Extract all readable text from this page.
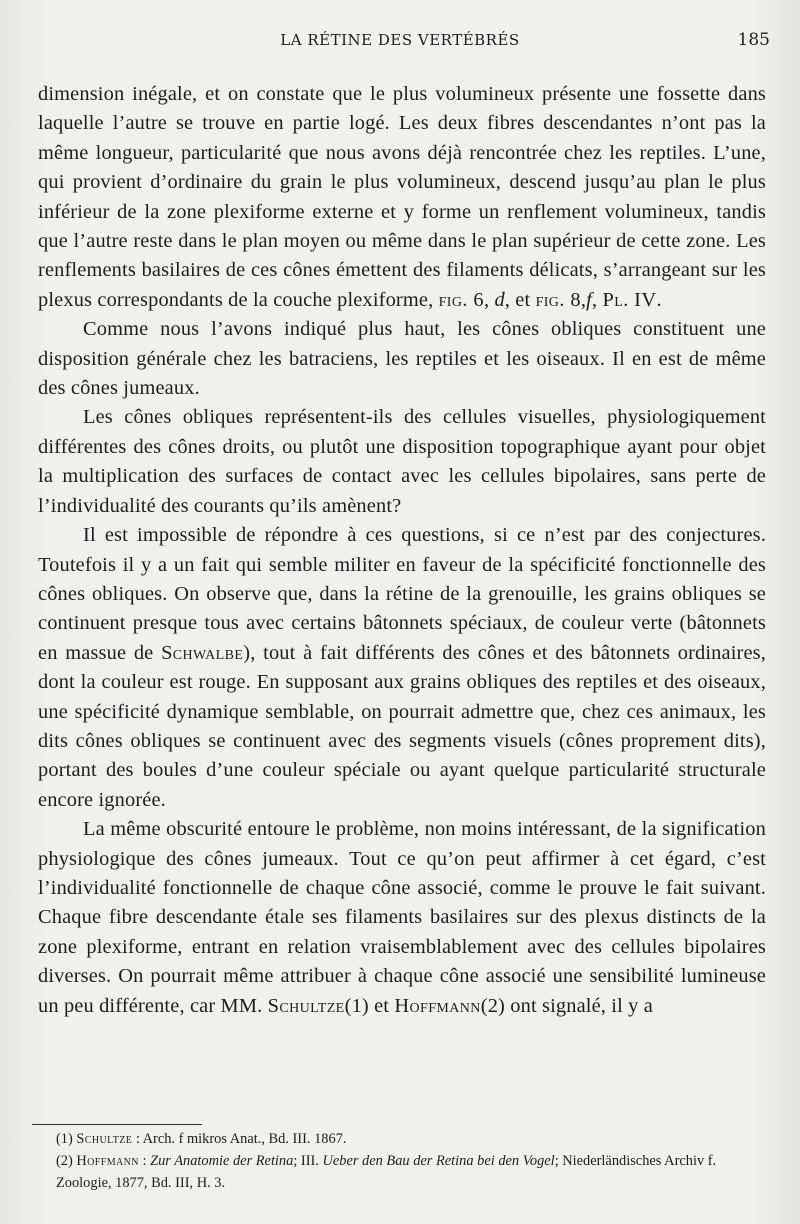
LA RÉTINE DES VERTÉBRÉS	185

dimension inégale, et on constate que le plus volumineux présente une fossette dans laquelle l’autre se trouve en partie logé. Les deux fibres descendantes n’ont pas la même longueur, particularité que nous avons déjà rencontrée chez les reptiles. L’une, qui provient d’ordinaire du grain le plus volumineux, descend jusqu’au plan le plus inférieur de la zone plexiforme externe et y forme un renflement volumineux, tandis que l’autre reste dans le plan moyen ou même dans le plan supérieur de cette zone. Les renflements basilaires de ces cônes émettent des filaments délicats, s’arrangeant sur les plexus correspondants de la couche plexiforme, fig. 6, d, et fig. 8,f, Pl. IV.

Comme nous l’avons indiqué plus haut, les cônes obliques constituent une disposition générale chez les batraciens, les reptiles et les oiseaux. Il en est de même des cônes jumeaux.

Les cônes obliques représentent-ils des cellules visuelles, physiologiquement différentes des cônes droits, ou plutôt une disposition topographique ayant pour objet la multiplication des surfaces de contact avec les cellules bipolaires, sans perte de l’individualité des courants qu’ils amènent?

Il est impossible de répondre à ces questions, si ce n’est par des conjectures. Toutefois il y a un fait qui semble militer en faveur de la spécificité fonctionnelle des cônes obliques. On observe que, dans la rétine de la grenouille, les grains obliques se continuent presque tous avec certains bâtonnets spéciaux, de couleur verte (bâtonnets en massue de Schwalbe), tout à fait différents des cônes et des bâtonnets ordinaires, dont la couleur est rouge. En supposant aux grains obliques des reptiles et des oiseaux, une spécificité dynamique semblable, on pourrait admettre que, chez ces animaux, les dits cônes obliques se continuent avec des segments visuels (cônes proprement dits), portant des boules d’une couleur spéciale ou ayant quelque particularité structurale encore ignorée.

La même obscurité entoure le problème, non moins intéressant, de la signification physiologique des cônes jumeaux. Tout ce qu’on peut affirmer à cet égard, c’est l’individualité fonctionnelle de chaque cône associé, comme le prouve le fait suivant. Chaque fibre descendante étale ses filaments basilaires sur des plexus distincts de la zone plexiforme, entrant en relation vraisemblablement avec des cellules bipolaires diverses. On pourrait même attribuer à chaque cône associé une sensibilité lumineuse un peu différente, car MM. Schultze(1) et Hoffmann(2) ont signalé, il y a

(1) Schultze : Arch. f mikros Anat., Bd. III. 1867.

(2) Hoffmann : Zur Anatomie der Retina; III. Ueber den Bau der Retina bei den Vogel; Niederländisches Archiv f. Zoologie, 1877, Bd. III, H. 3.
